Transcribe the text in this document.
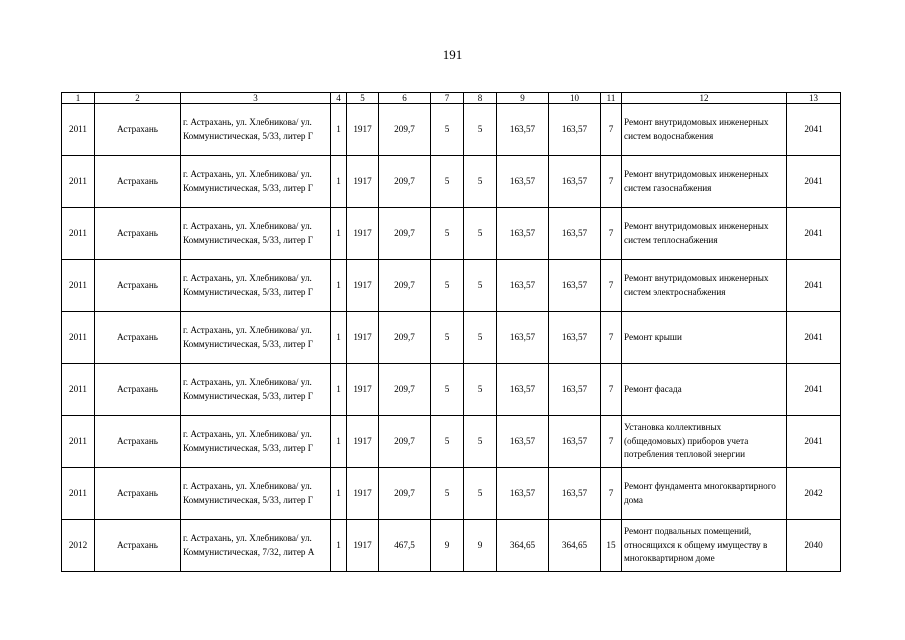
191
1	2	3	4	5	6	7	8	9	10	11	12	13
2011	Астрахань	г. Астрахань, ул. Хлебникова/ ул. Коммунистическая, 5/33, литер Г	1	1917	209,7	5	5	163,57	163,57	7	Ремонт внутридомовых инженерных систем водоснабжения	2041
2011	Астрахань	г. Астрахань, ул. Хлебникова/ ул. Коммунистическая, 5/33, литер Г	1	1917	209,7	5	5	163,57	163,57	7	Ремонт внутридомовых инженерных систем газоснабжения	2041
2011	Астрахань	г. Астрахань, ул. Хлебникова/ ул. Коммунистическая, 5/33, литер Г	1	1917	209,7	5	5	163,57	163,57	7	Ремонт внутридомовых инженерных систем теплоснабжения	2041
2011	Астрахань	г. Астрахань, ул. Хлебникова/ ул. Коммунистическая, 5/33, литер Г	1	1917	209,7	5	5	163,57	163,57	7	Ремонт внутридомовых инженерных систем электроснабжения	2041
2011	Астрахань	г. Астрахань, ул. Хлебникова/ ул. Коммунистическая, 5/33, литер Г	1	1917	209,7	5	5	163,57	163,57	7	Ремонт крыши	2041
2011	Астрахань	г. Астрахань, ул. Хлебникова/ ул. Коммунистическая, 5/33, литер Г	1	1917	209,7	5	5	163,57	163,57	7	Ремонт фасада	2041
2011	Астрахань	г. Астрахань, ул. Хлебникова/ ул. Коммунистическая, 5/33, литер Г	1	1917	209,7	5	5	163,57	163,57	7	Установка коллективных (общедомовых) приборов учета потребления тепловой энергии	2041
2011	Астрахань	г. Астрахань, ул. Хлебникова/ ул. Коммунистическая, 5/33, литер Г	1	1917	209,7	5	5	163,57	163,57	7	Ремонт фундамента многоквартирного дома	2042
2012	Астрахань	г. Астрахань, ул. Хлебникова/ ул. Коммунистическая, 7/32, литер А	1	1917	467,5	9	9	364,65	364,65	15	Ремонт подвальных помещений, относящихся к общему имуществу в многоквартирном доме	2040
